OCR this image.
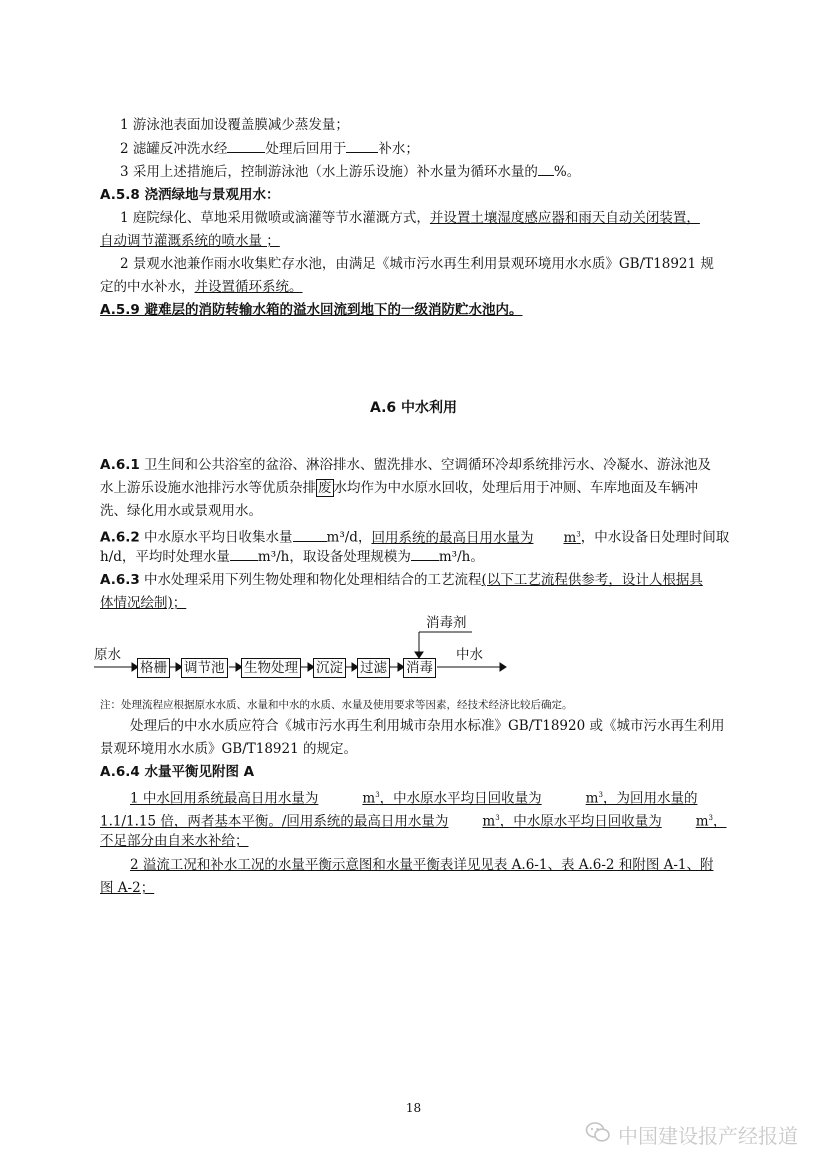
1 游泳池表面加设覆盖膜减少蒸发量；
2 滤罐反冲洗水经	处理后回用于 补水；
3 采用上述措施后，控制游泳池（水上游乐设施）补水量为循环水量的 %。
A.5.8 浇洒绿地与景观用水：
1 庭院绿化、草地采用微喷或滴灌等节水灌溉方式，并设置土壤湿度感应器和雨天自动关闭装置，
自动调节灌溉系统的喷水量 ；
2 景观水池兼作雨水收集贮存水池，由满足《城市污水再生利用景观环境用水水质》GB/T18921 规
定的中水补水，并设置循环系统。
A.5.9 避难层的消防转输水箱的溢水回流到地下的一级消防贮水池内。
A.6 中水利用
A.6.1 卫生间和公共浴室的盆浴、淋浴排水、盥洗排水、空调循环冷却系统排污水、冷凝水、游泳池及
水上游乐设施水池排污水等优质杂排 废 水均作为中水原水回收，处理后用于冲厕、车库地面及车辆冲
洗、绿化用水或景观用水。
A.6.2 中水原水平均日收集水量	m³/d，回用系统的最高日用水量为 $m^3$，中水设备日处理时间取
h/d，平均时处理水量 m³/h，取设备处理规模为 m³/h。
A.6.3 中水处理采用下列生物处理和物化处理相结合的工艺流程(以下工艺流程供参考，设计人根据具
体情况绘制)；
消毒剂
原水
格栅 调节池 生物处理 沉淀 过滤 消毒
中水
注：处理流程应根据原水水质、水量和中水的水质、水量及使用要求等因素，经技术经济比较后确定。
处理后的中水水质应符合《城市污水再生利用城市杂用水标准》GB/T18920 或《城市污水再生利用
景观环境用水水质》GB/T18921 的规定。
A.6.4 水量平衡见附图 A
1 中水回用系统最高日用水量为	$m^3$，中水原水平均日回收量为	$m^3$，为回用水量的
1.1/1.15 倍，两者基本平衡。/回用系统的最高日用水量为	$m^3$，中水原水平均日回收量为	$m^3$，
不足部分由自来水补给；
2 溢流工况和补水工况的水量平衡示意图和水量平衡表详见见表 A.6-1、表 A.6-2 和附图 A-1、附
图 A-2；
18
中国建设报产经报道
